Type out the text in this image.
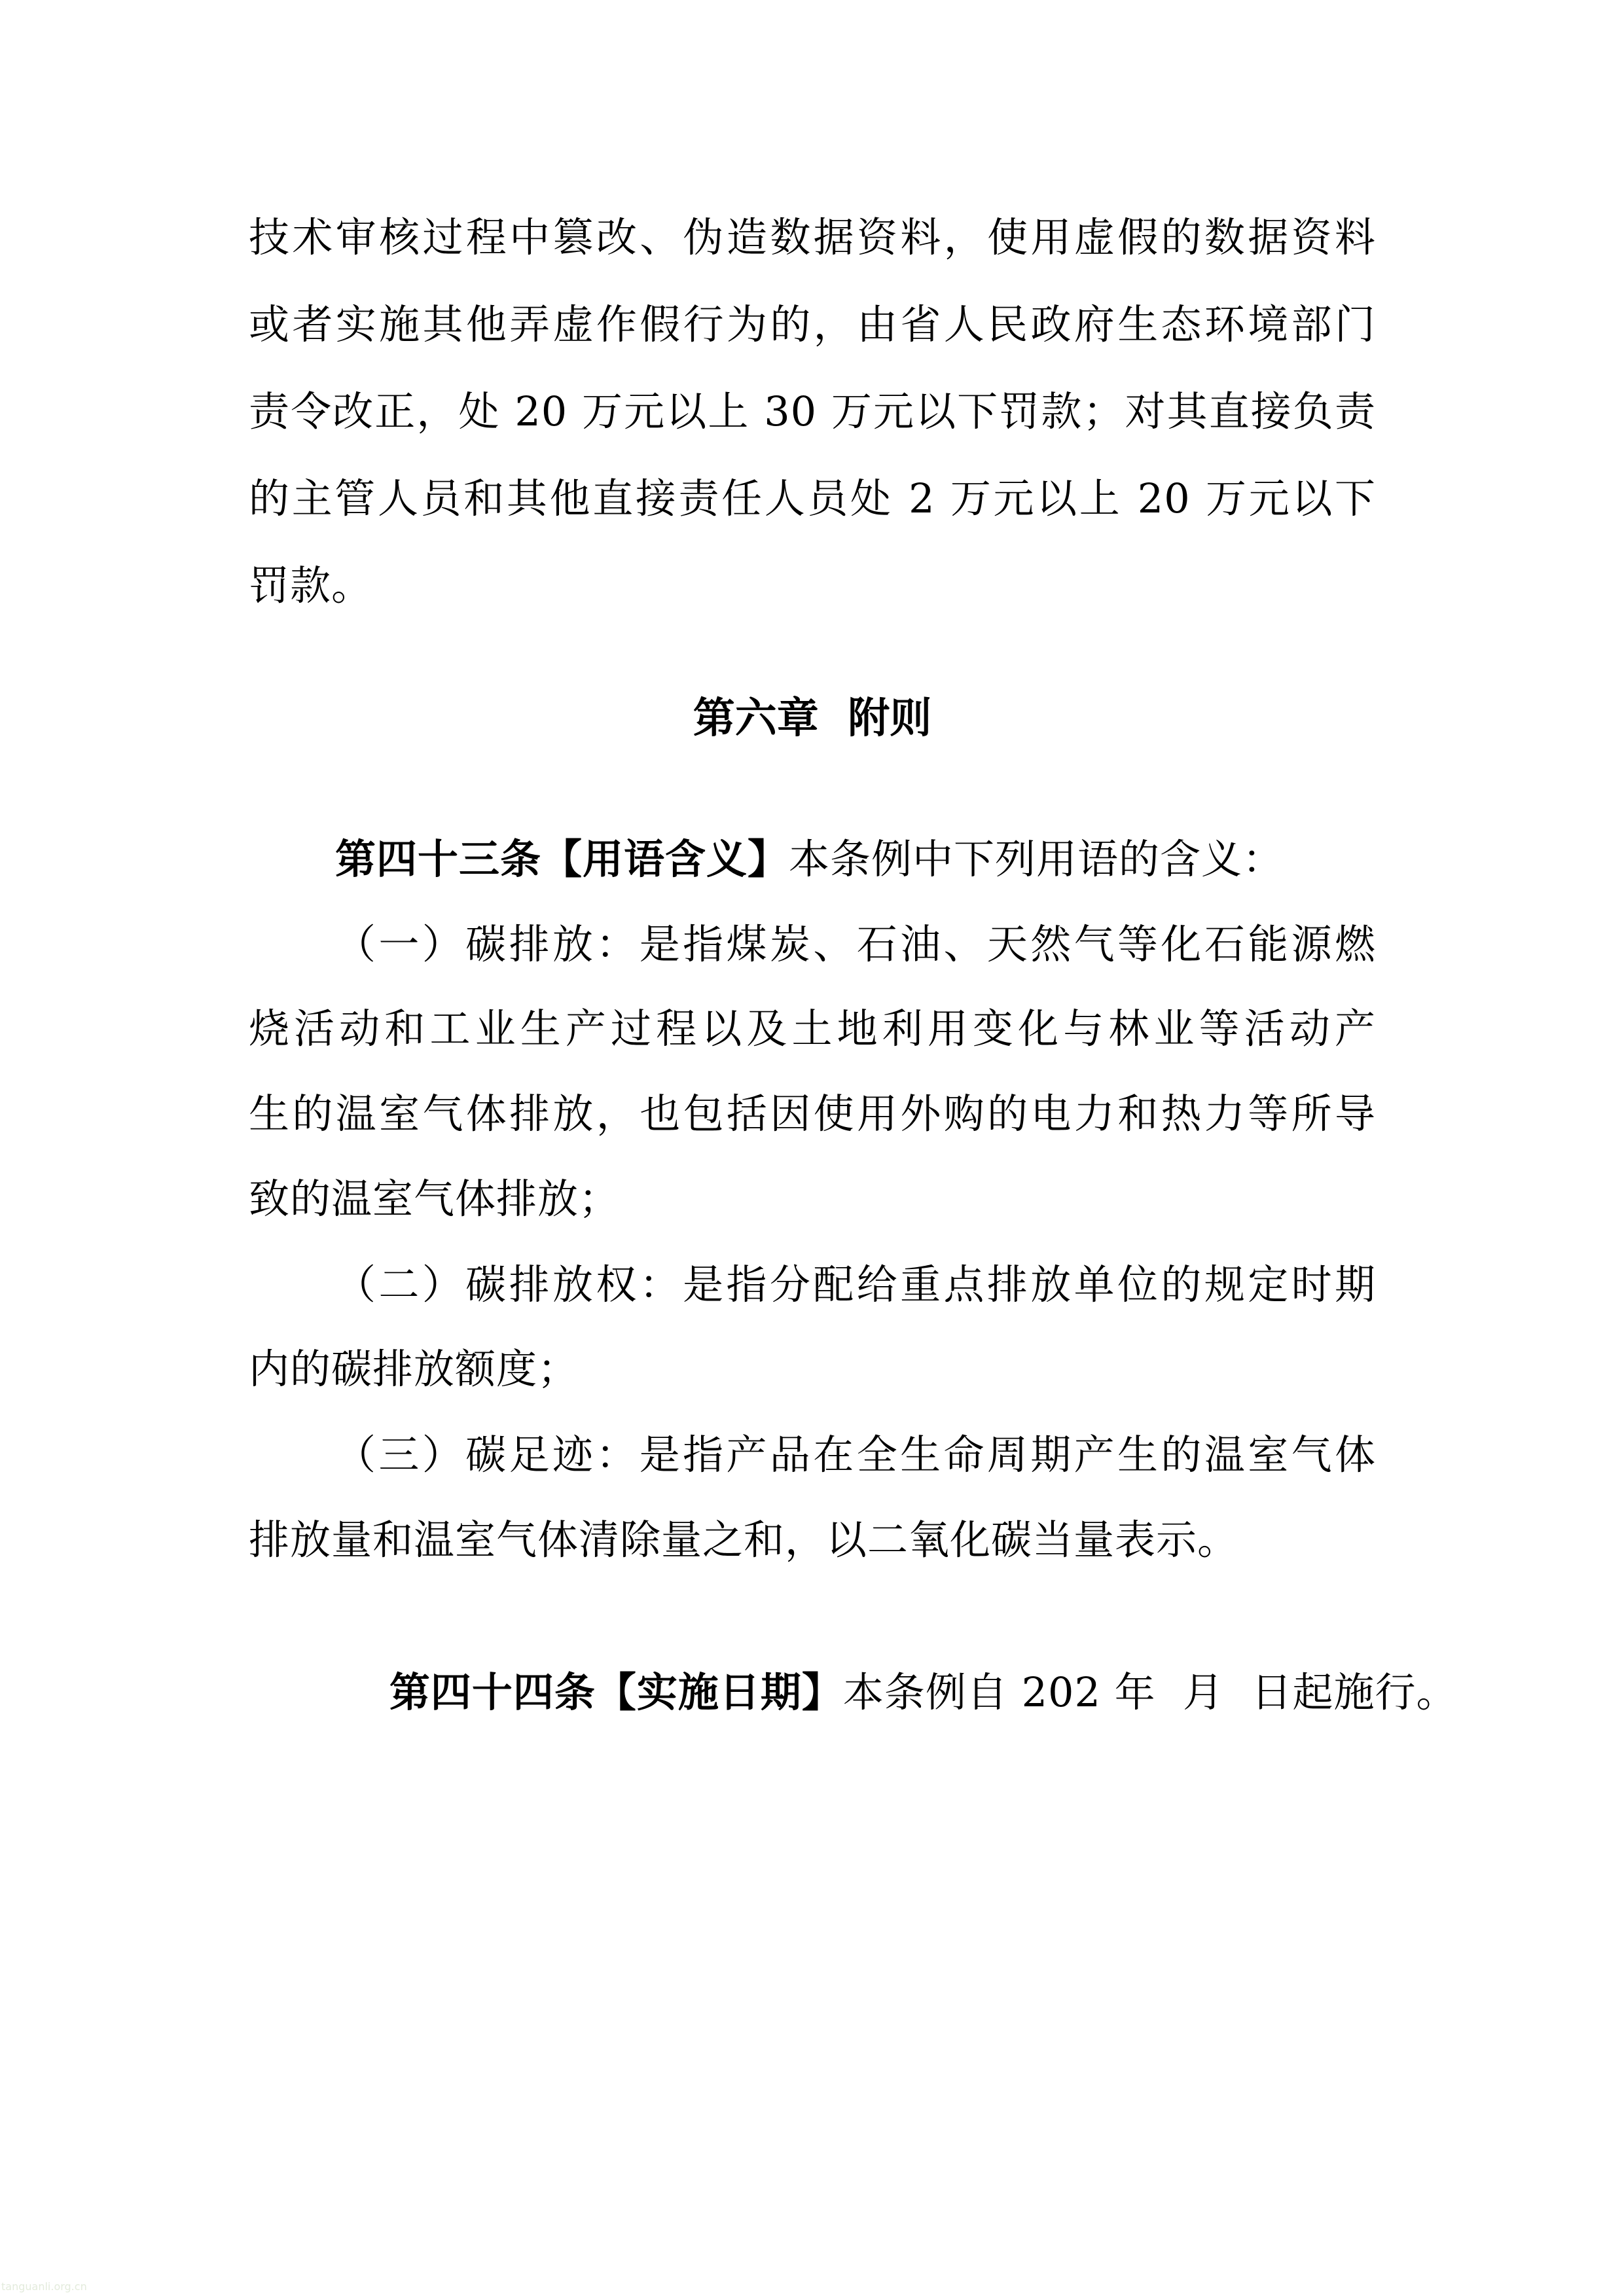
技术审核过程中篡改、伪造数据资料，使用虚假的数据资料
或者实施其他弄虚作假行为的，由省人民政府生态环境部门
责令改正，处 20 万元以上 30 万元以下罚款；对其直接负责
的主管人员和其他直接责任人员处 2 万元以上 20 万元以下
罚款。
第六章  附则
第四十三条【用语含义】本条例中下列用语的含义：
（一）碳排放：是指煤炭、石油、天然气等化石能源燃
烧活动和工业生产过程以及土地利用变化与林业等活动产
生的温室气体排放，也包括因使用外购的电力和热力等所导
致的温室气体排放；
（二）碳排放权：是指分配给重点排放单位的规定时期
内的碳排放额度；
（三）碳足迹：是指产品在全生命周期产生的温室气体
排放量和温室气体清除量之和，以二氧化碳当量表示。

第四十四条【实施日期】本条例自 202 年  月  日起施行。

tanguanli.org.cn
